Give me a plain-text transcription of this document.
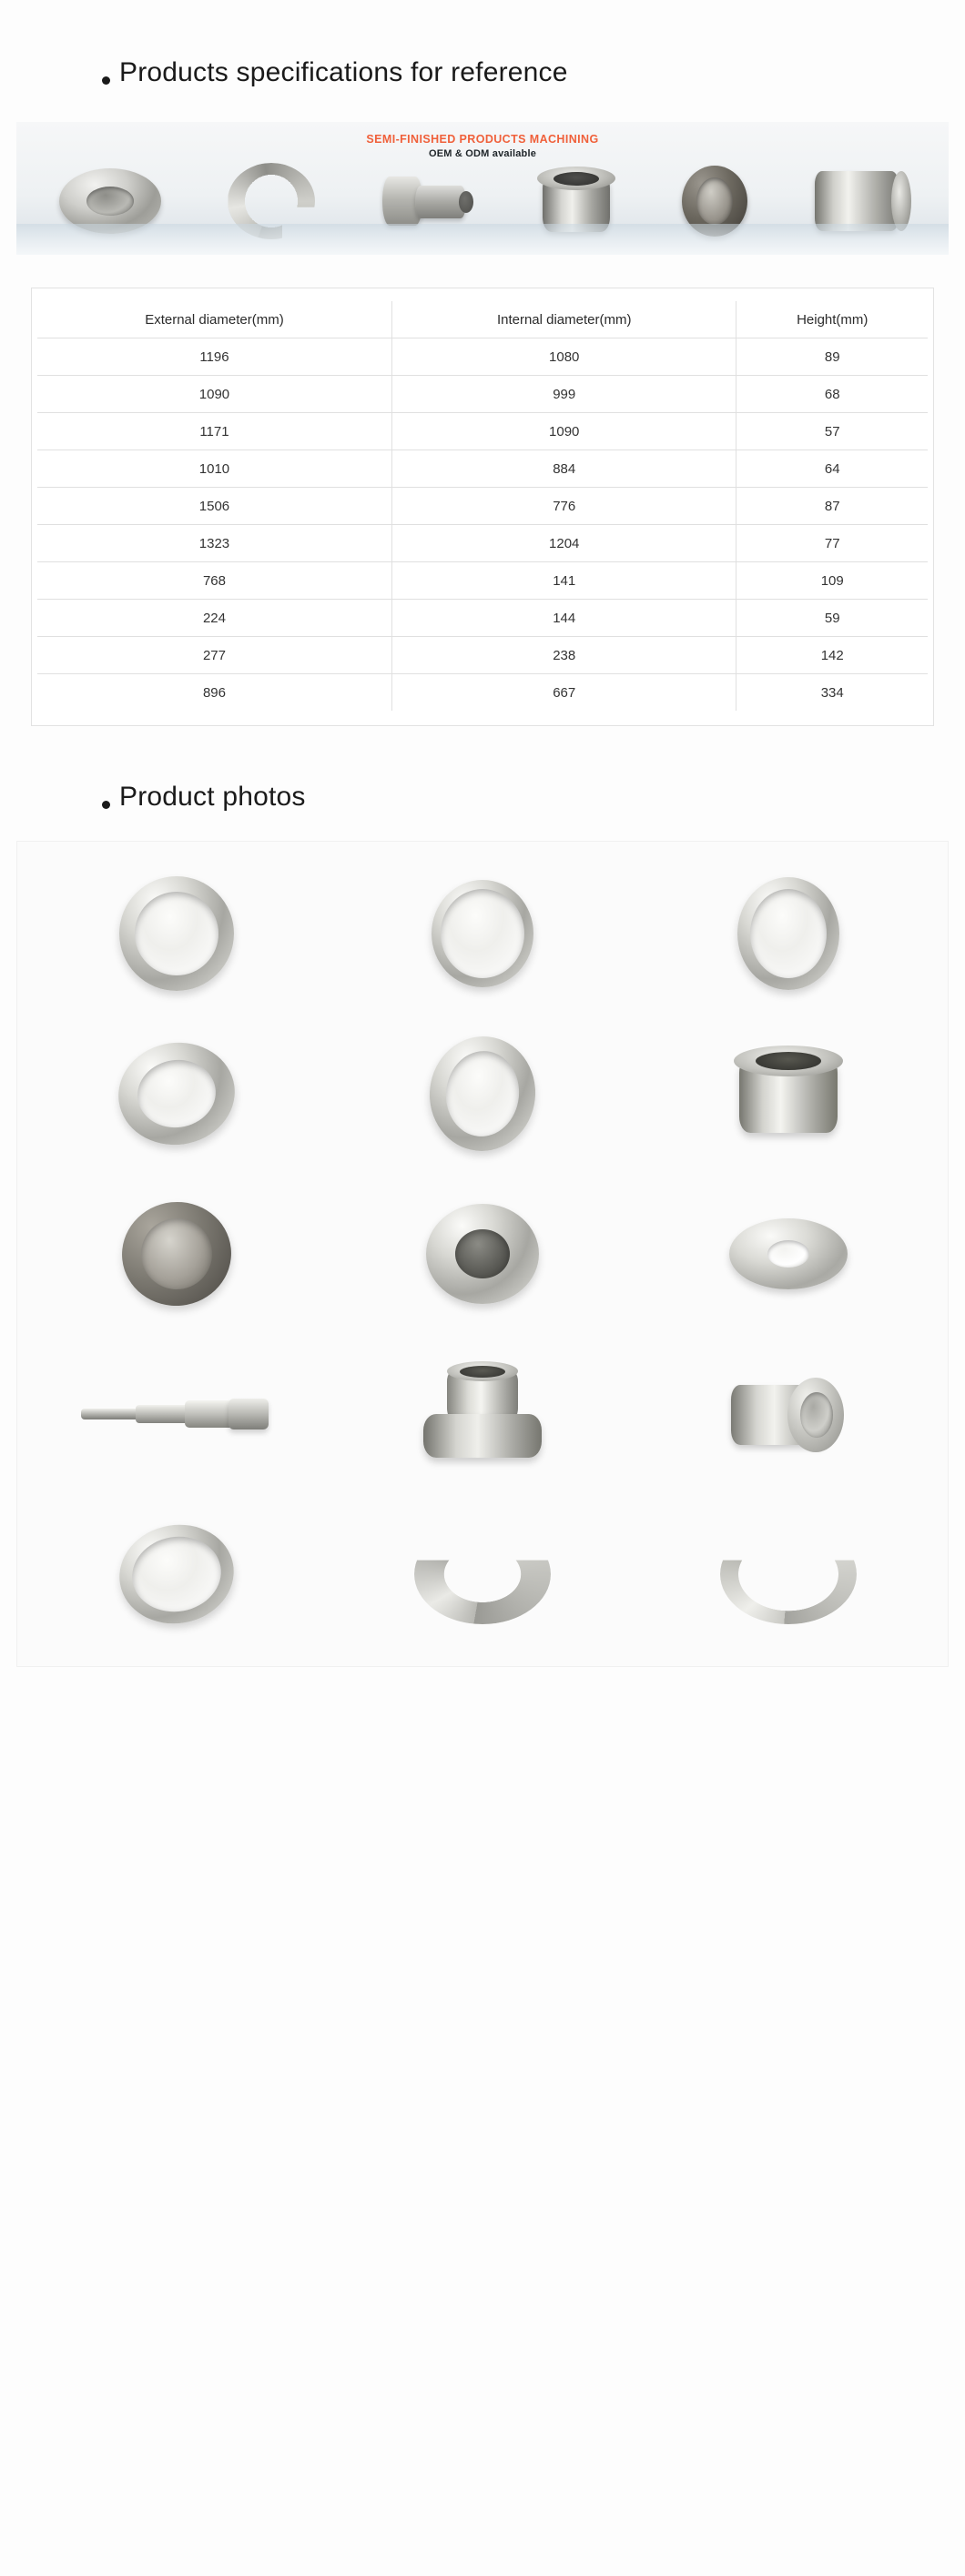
Products specifications for reference
SEMI-FINISHED PRODUCTS MACHINING
OEM & ODM available
External diameter(mm)	Internal diameter(mm)	Height(mm)
1196	1080	89
1090	999	68
1171	1090	57
1010	884	64
1506	776	87
1323	1204	77
768	141	109
224	144	59
277	238	142
896	667	334
Product photos
